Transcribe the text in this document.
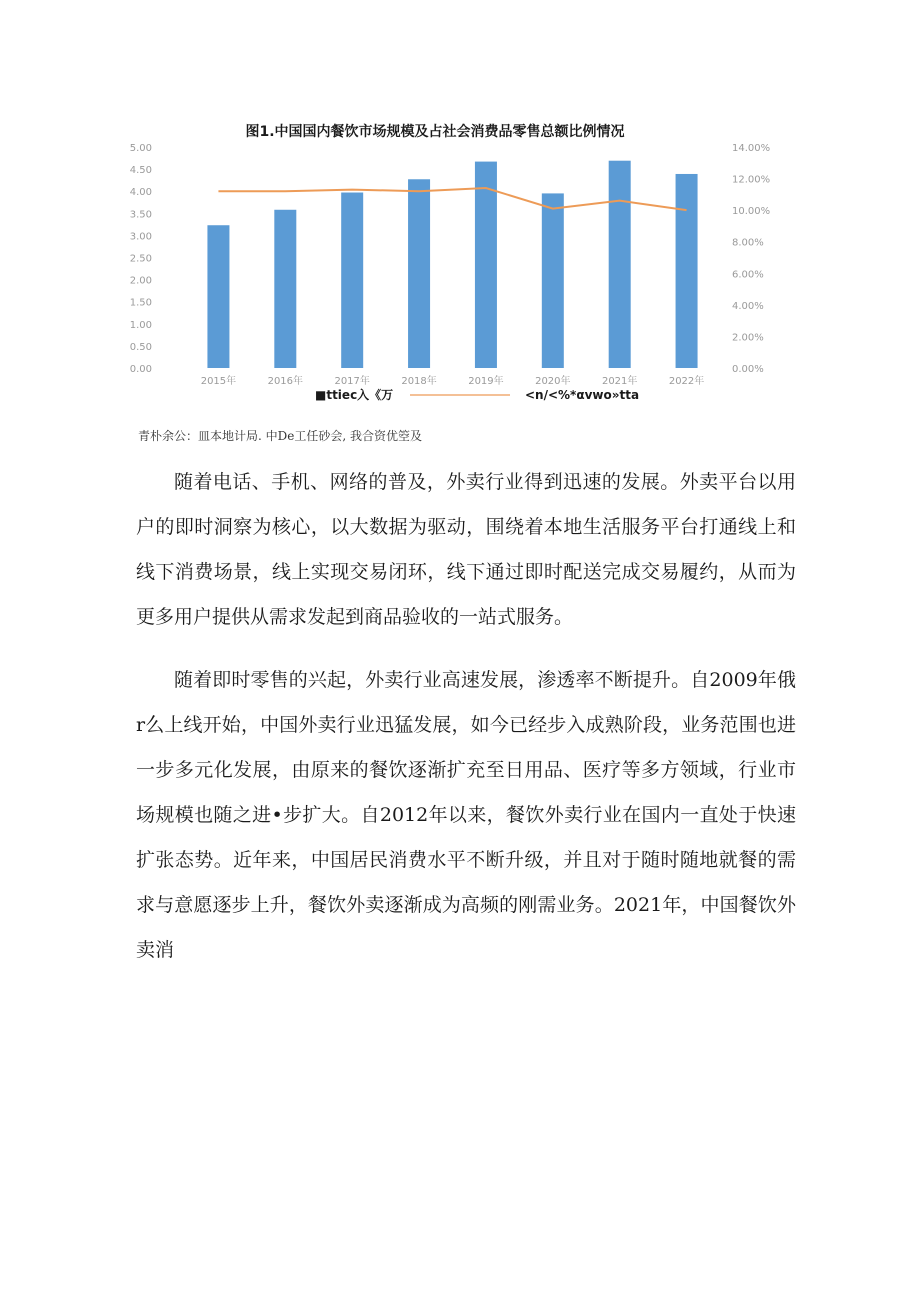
图1.中国国内餐饮市场规模及占社会消费品零售总额比例情况
0.00
0.50
1.00
1.50
2.00
2.50
3.00
3.50
4.00
4.50
5.00
0.00%
2.00%
4.00%
6.00%
8.00%
10.00%
12.00%
14.00%
2015年	2016年	2017年	2018年	2019年	2020年	2021年	2022年
■ttiec入《万	<n/<%*αvwo»tta
青朴余公：皿本地计局. 中De工任砂会, 我合资优箜及

随着电话、手机、网络的普及，外卖行业得到迅速的发展。外卖平台以用户的即时洞察为核心，以大数据为驱动，围绕着本地生活服务平台打通线上和线下消费场景，线上实现交易闭环，线下通过即时配送完成交易履约，从而为更多用户提供从需求发起到商品验收的一站式服务。

随着即时零售的兴起，外卖行业高速发展，渗透率不断提升。自2009年俄r么上线开始，中国外卖行业迅猛发展，如今已经步入成熟阶段，业务范围也进一步多元化发展，由原来的餐饮逐渐扩充至日用品、医疗等多方领域，行业市场规模也随之进•步扩大。自2012年以来，餐饮外卖行业在国内一直处于快速扩张态势。近年来，中国居民消费水平不断升级，并且对于随时随地就餐的需求与意愿逐步上升，餐饮外卖逐渐成为高频的刚需业务。2021年，中国餐饮外卖消
